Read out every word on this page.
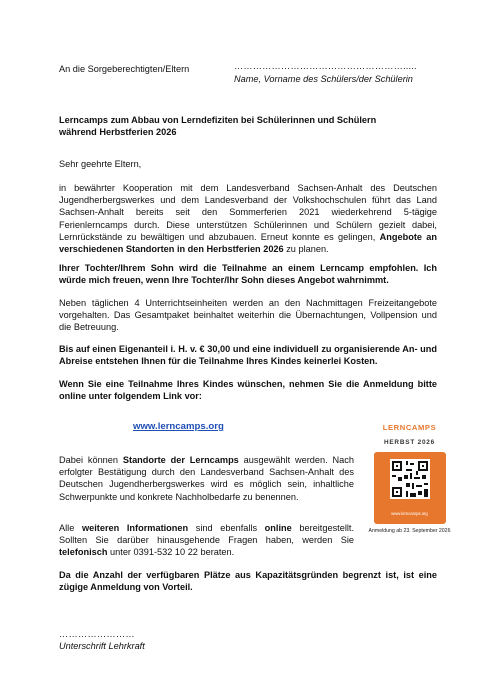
An die Sorgeberechtigten/Eltern	……………………………………………….....
Name, Vorname des Schülers/der Schülerin
Lerncamps zum Abbau von Lerndefiziten bei Schülerinnen und Schülern
während Herbstferien 2026
Sehr geehrte Eltern,
in bewährter Kooperation mit dem Landesverband Sachsen-Anhalt des Deutschen Jugendherbergswerkes und dem Landesverband der Volkshochschulen führt das Land Sachsen-Anhalt bereits seit den Sommerferien 2021 wiederkehrend 5-tägige Ferienlerncamps durch. Diese unterstützen Schülerinnen und Schülern gezielt dabei, Lernrückstände zu bewältigen und abzubauen. Erneut konnte es gelingen, Angebote an verschiedenen Standorten in den Herbstferien 2026 zu planen.
Ihrer Tochter/Ihrem Sohn wird die Teilnahme an einem Lerncamp empfohlen. Ich würde mich freuen, wenn Ihre Tochter/Ihr Sohn dieses Angebot wahrnimmt.
Neben täglichen 4 Unterrichtseinheiten werden an den Nachmittagen Freizeitangebote vorgehalten. Das Gesamtpaket beinhaltet weiterhin die Übernachtungen, Vollpension und die Betreuung.
Bis auf einen Eigenanteil i. H. v. € 30,00 und eine individuell zu organisierende An- und Abreise entstehen Ihnen für die Teilnahme Ihres Kindes keinerlei Kosten.
Wenn Sie eine Teilnahme Ihres Kindes wünschen, nehmen Sie die Anmeldung bitte online unter folgendem Link vor:
www.lerncamps.org
Dabei können Standorte der Lerncamps ausgewählt werden. Nach erfolgter Bestätigung durch den Landesverband Sachsen-Anhalt des Deutschen Jugendherbergswerkes wird es möglich sein, inhaltliche Schwerpunkte und konkrete Nachholbedarfe zu benennen.
Alle weiteren Informationen sind ebenfalls online bereitgestellt. Sollten Sie darüber hinausgehende Fragen haben, werden Sie telefonisch unter 0391-532 10 22 beraten.
Da die Anzahl der verfügbaren Plätze aus Kapazitätsgründen begrenzt ist, ist eine zügige Anmeldung von Vorteil.
……………………
Unterschrift Lehrkraft
LERNCAMPS
HERBST 2026
www.lerncamps.org
Anmeldung ab 23. September 2026
